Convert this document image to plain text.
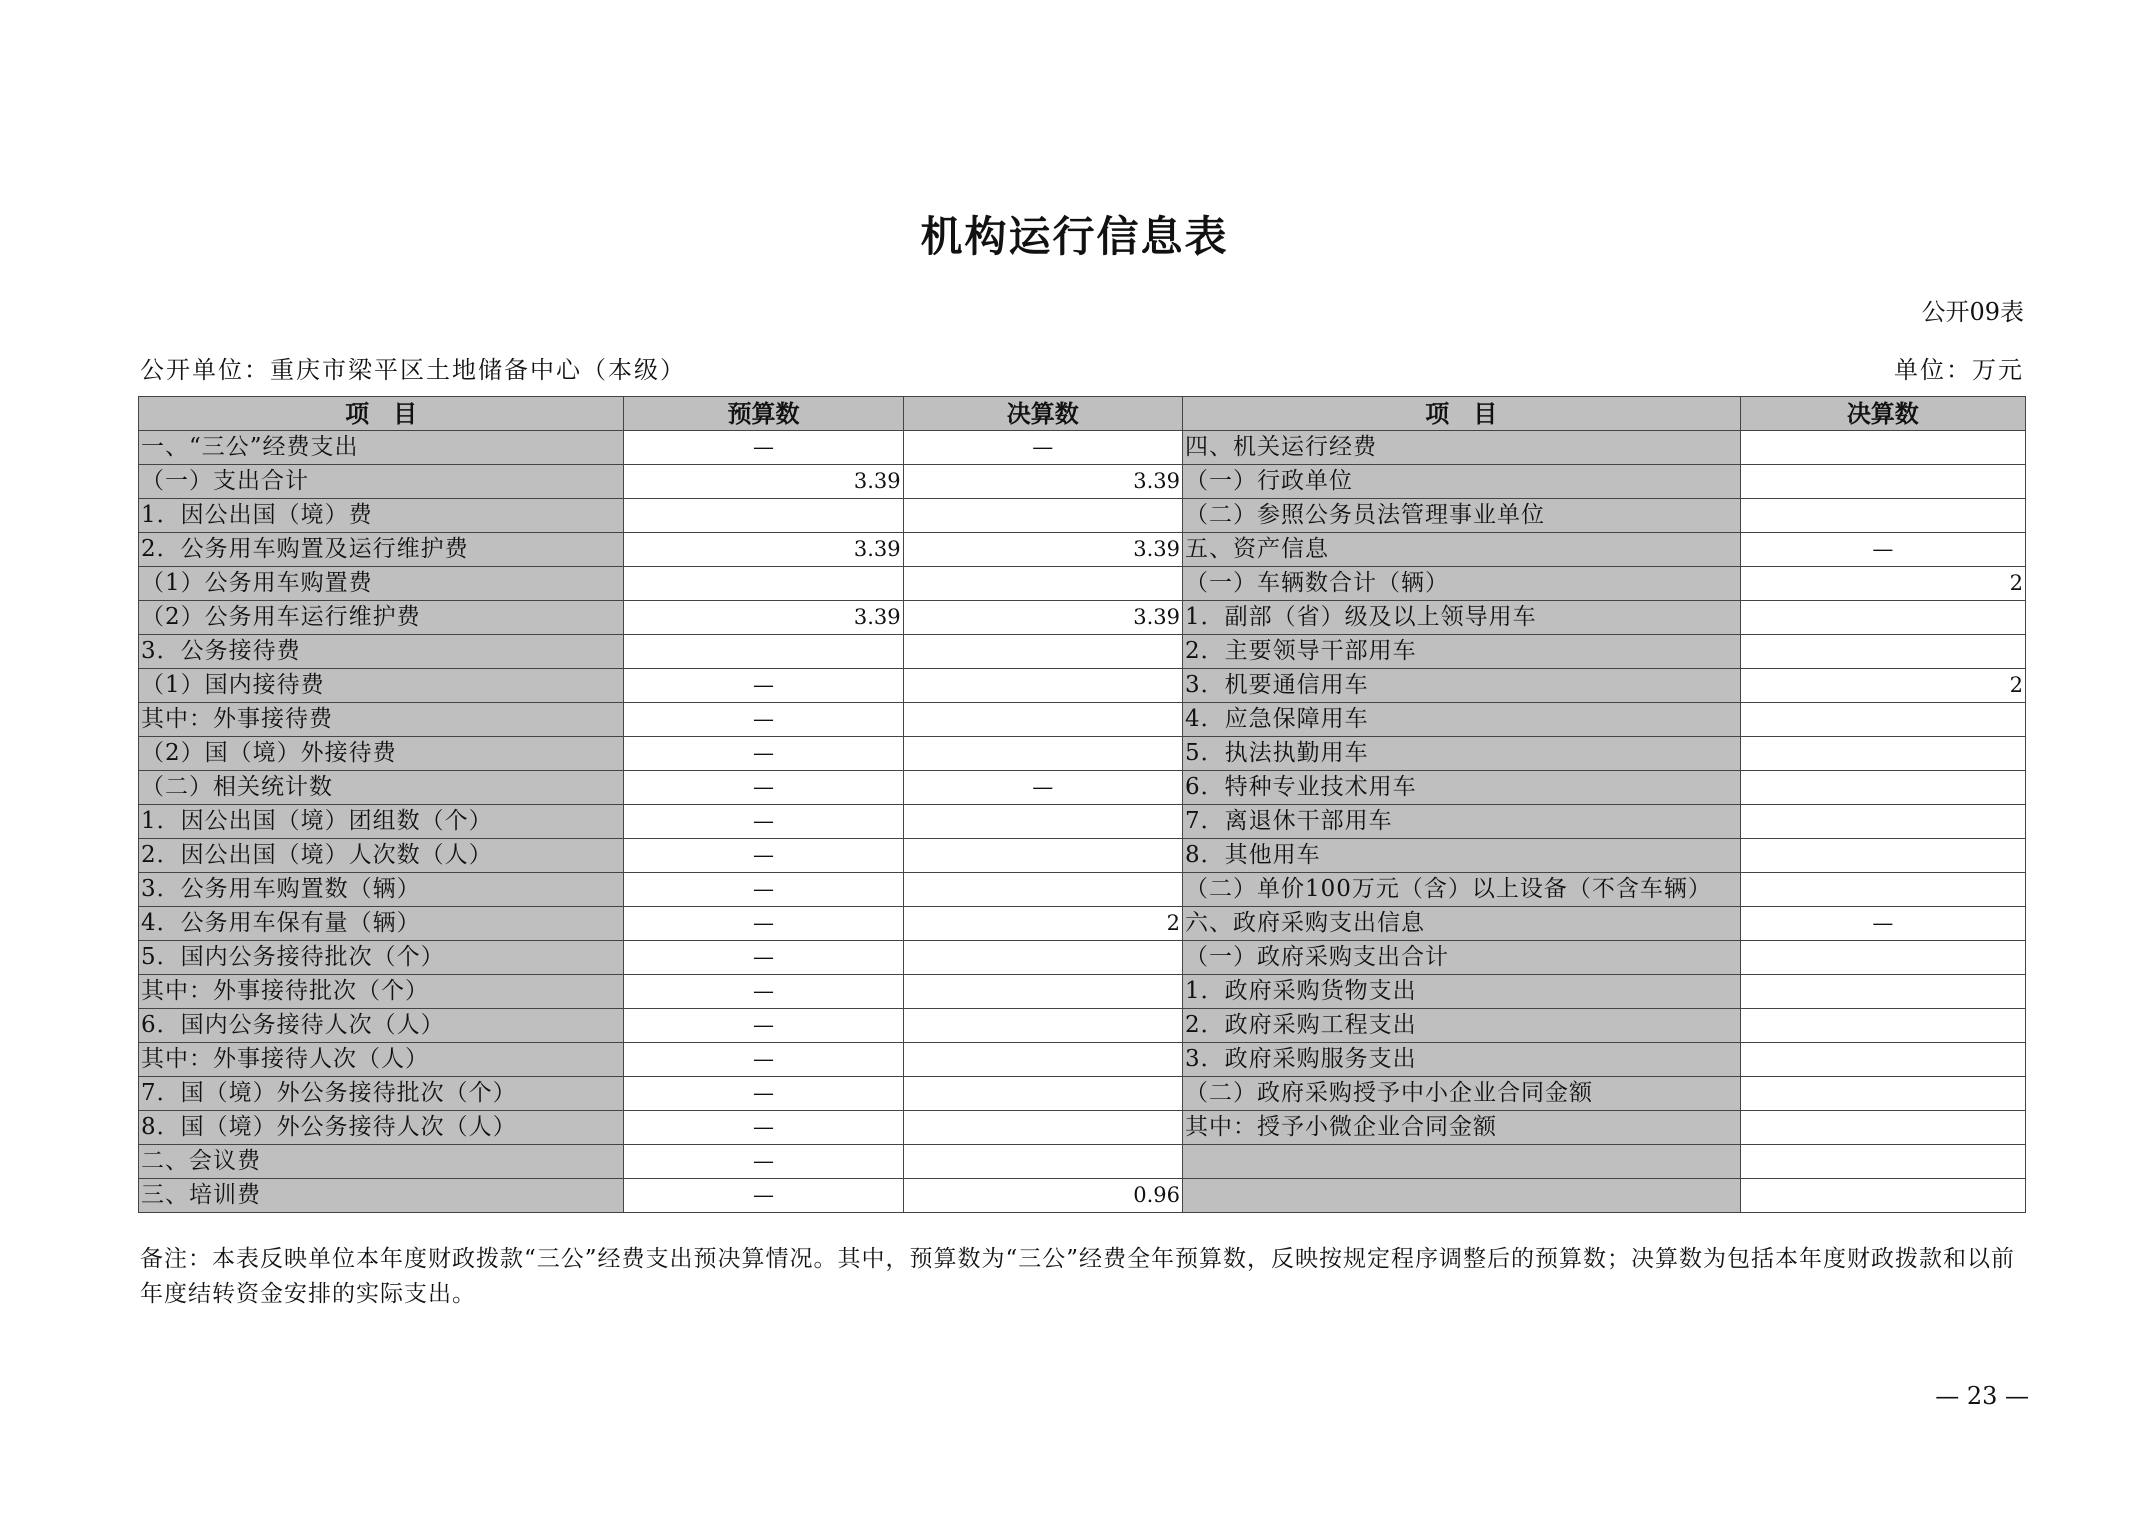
机构运行信息表
公开09表
公开单位：重庆市梁平区土地储备中心（本级）	单位：万元
项　目	预算数	决算数	项　目	决算数
一、“三公”经费支出	—	—	四、机关运行经费	
（一）支出合计	3.39	3.39	（一）行政单位	
1．因公出国（境）费			（二）参照公务员法管理事业单位	
2．公务用车购置及运行维护费	3.39	3.39	五、资产信息	—
（1）公务用车购置费			（一）车辆数合计（辆）	2
（2）公务用车运行维护费	3.39	3.39	1．副部（省）级及以上领导用车	
3．公务接待费			2．主要领导干部用车	
（1）国内接待费	—		3．机要通信用车	2
其中：外事接待费	—		4．应急保障用车	
（2）国（境）外接待费	—		5．执法执勤用车	
（二）相关统计数	—	—	6．特种专业技术用车	
1．因公出国（境）团组数（个）	—		7．离退休干部用车	
2．因公出国（境）人次数（人）	—		8．其他用车	
3．公务用车购置数（辆）	—		（二）单价100万元（含）以上设备（不含车辆）	
4．公务用车保有量（辆）	—	2	六、政府采购支出信息	—
5．国内公务接待批次（个）	—		（一）政府采购支出合计	
其中：外事接待批次（个）	—		1．政府采购货物支出	
6．国内公务接待人次（人）	—		2．政府采购工程支出	
其中：外事接待人次（人）	—		3．政府采购服务支出	
7．国（境）外公务接待批次（个）	—		（二）政府采购授予中小企业合同金额	
8．国（境）外公务接待人次（人）	—		其中：授予小微企业合同金额	
二、会议费	—			
三、培训费	—	0.96		
备注：本表反映单位本年度财政拨款“三公”经费支出预决算情况。其中，预算数为“三公”经费全年预算数，反映按规定程序调整后的预算数；决算数为包括本年度财政拨款和以前年度结转资金安排的实际支出。
— 23 —
